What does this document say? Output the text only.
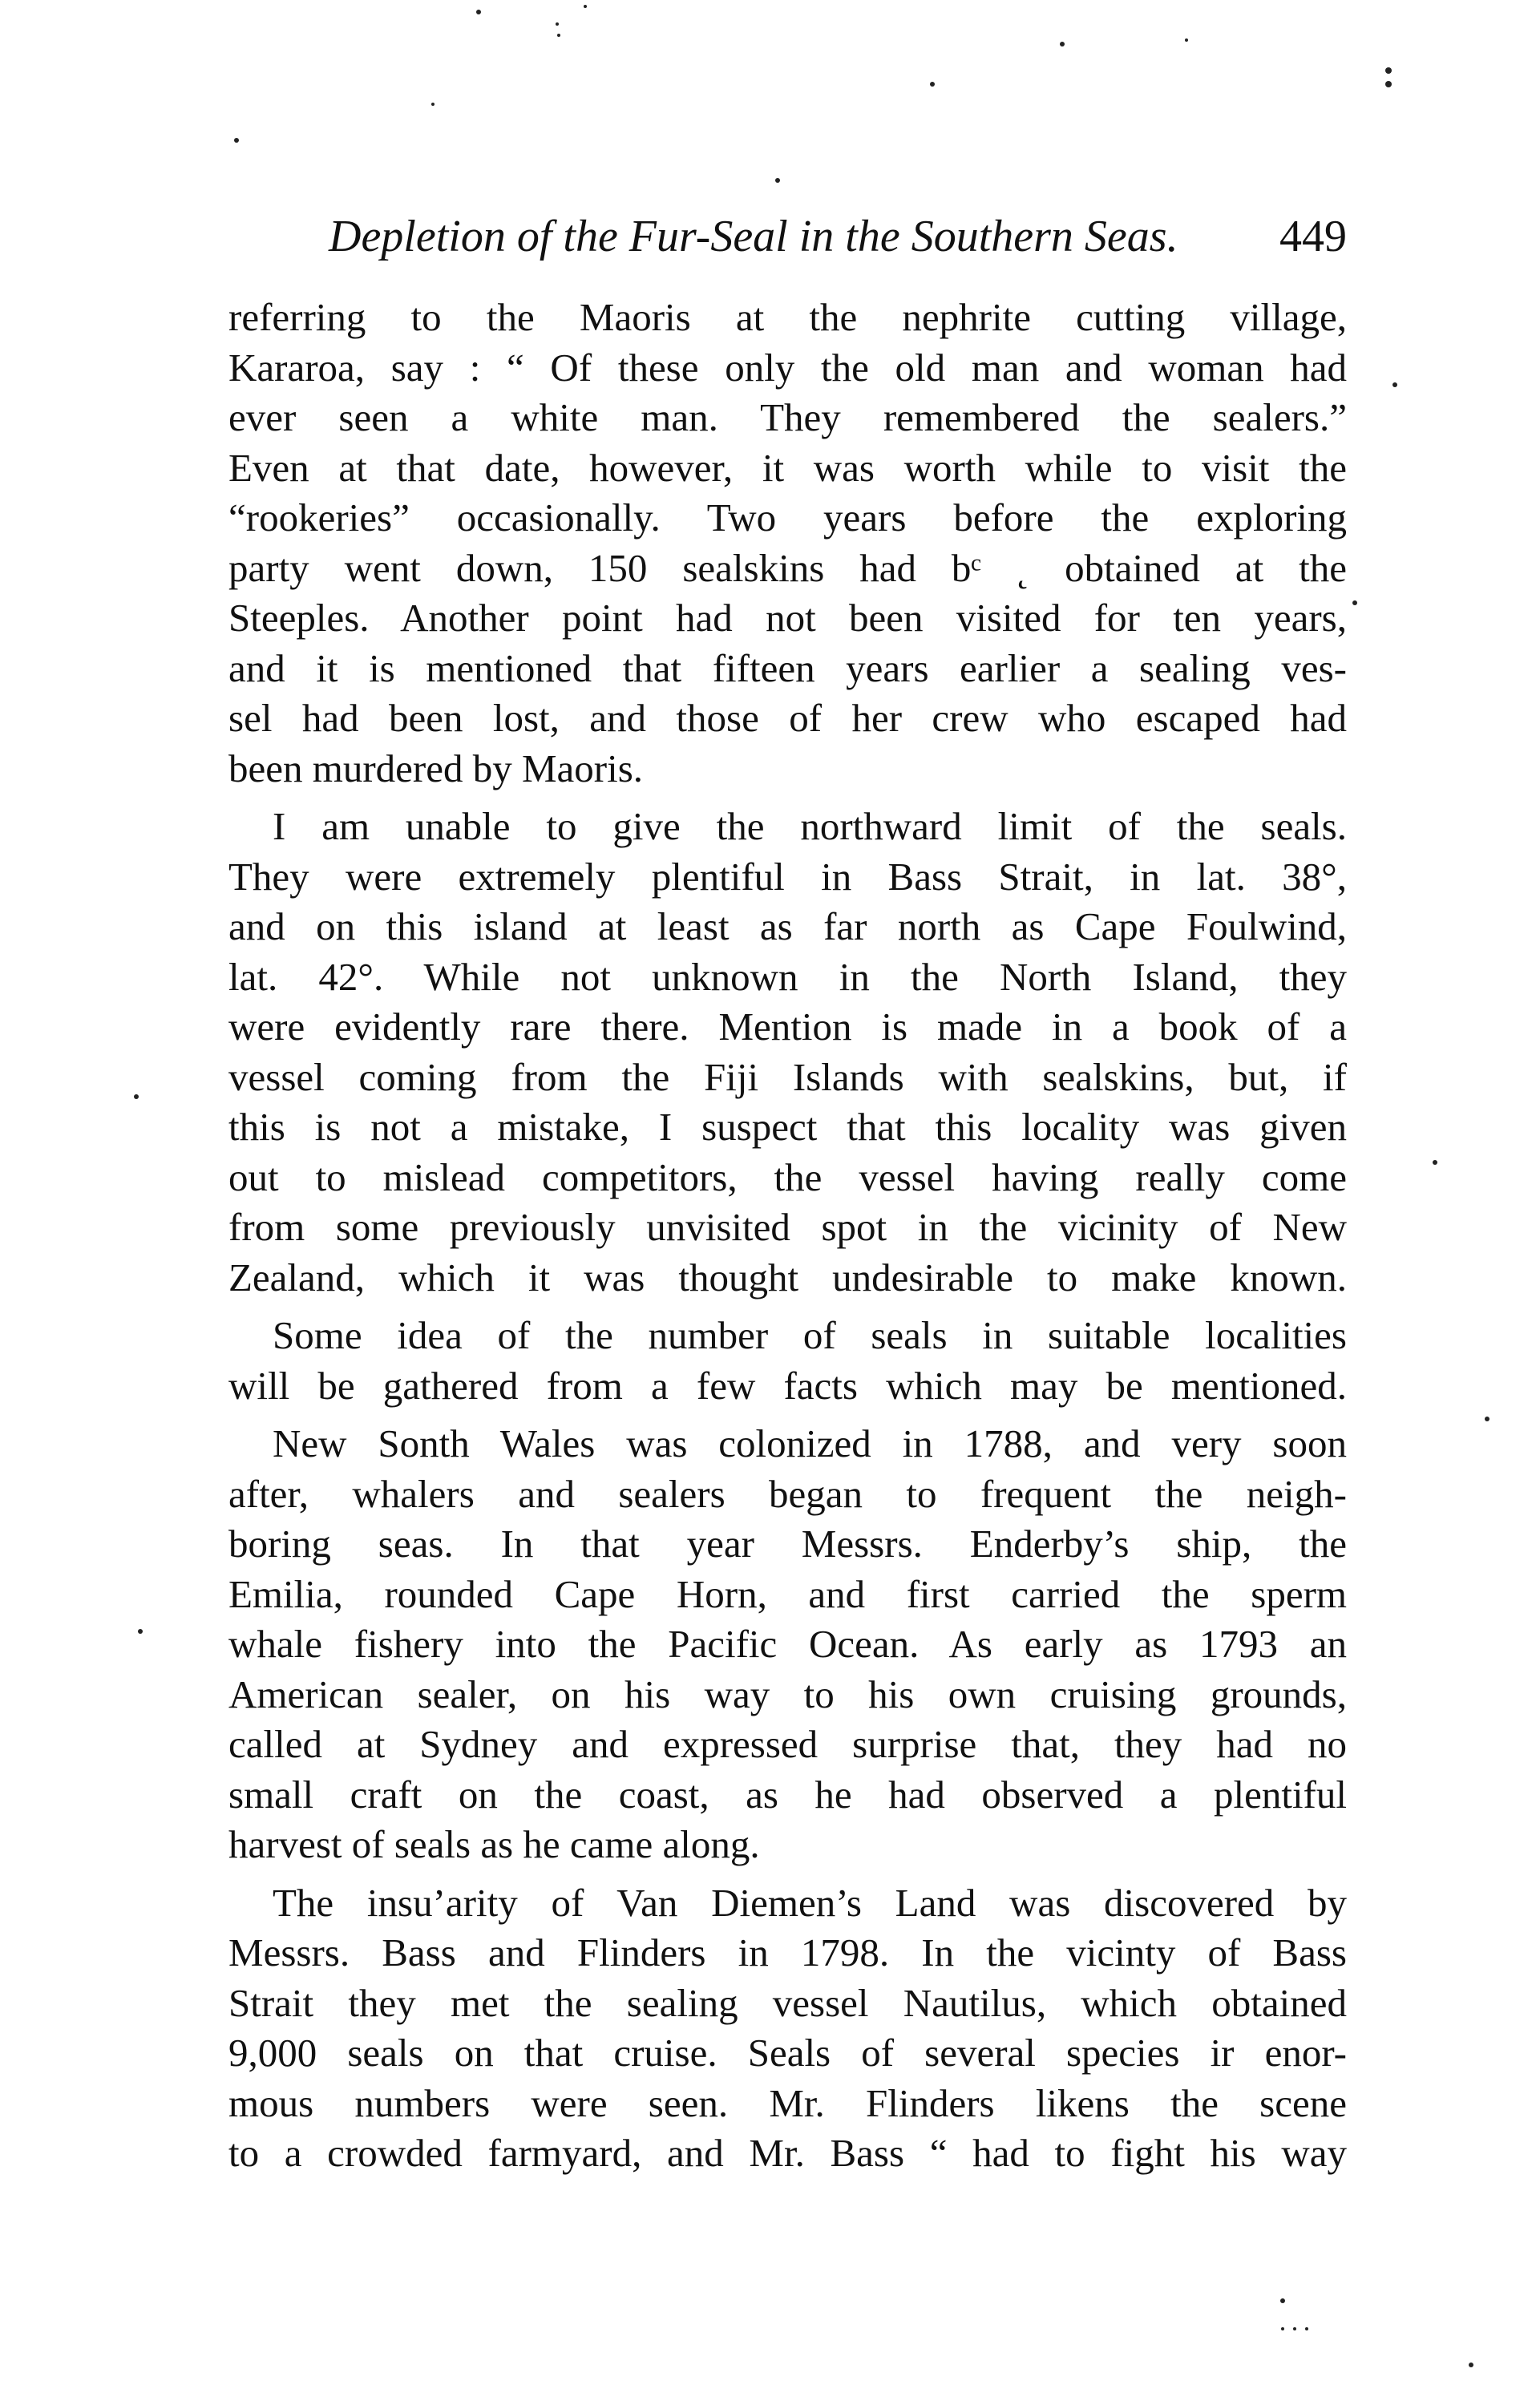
Depletion of the Fur-Seal in the Southern Seas. 449
referring to the Maoris at the nephrite cutting village,
Kararoa, say : “ Of these only the old man and woman had
ever seen a white man. They remembered the sealers.”
Even at that date, however, it was worth while to visit the
“rookeries” occasionally. Two years before the exploring
party went down, 150 sealskins had bᶜ ˛ obtained at the
Steeples. Another point had not been visited for ten years,
and it is mentioned that fifteen years earlier a sealing ves-
sel had been lost, and those of her crew who escaped had
been murdered by Maoris.
I am unable to give the northward limit of the seals.
They were extremely plentiful in Bass Strait, in lat. 38°,
and on this island at least as far north as Cape Foulwind,
lat. 42°. While not unknown in the North Island, they
were evidently rare there. Mention is made in a book of a
vessel coming from the Fiji Islands with sealskins, but, if
this is not a mistake, I suspect that this locality was given
out to mislead competitors, the vessel having really come
from some previously unvisited spot in the vicinity of New
Zealand, which it was thought undesirable to make known.
Some idea of the number of seals in suitable localities
will be gathered from a few facts which may be mentioned.
New Sonth Wales was colonized in 1788, and very soon
after, whalers and sealers began to frequent the neigh-
boring seas. In that year Messrs. Enderby’s ship, the
Emilia, rounded Cape Horn, and first carried the sperm
whale fishery into the Pacific Ocean. As early as 1793 an
American sealer, on his way to his own cruising grounds,
called at Sydney and expressed surprise that, they had no
small craft on the coast, as he had observed a plentiful
harvest of seals as he came along.
The insu’arity of Van Diemen’s Land was discovered by
Messrs. Bass and Flinders in 1798. In the vicinty of Bass
Strait they met the sealing vessel Nautilus, which obtained
9,000 seals on that cruise. Seals of several species ir enor-
mous numbers were seen. Mr. Flinders likens the scene
to a crowded farmyard, and Mr. Bass “ had to fight his way
